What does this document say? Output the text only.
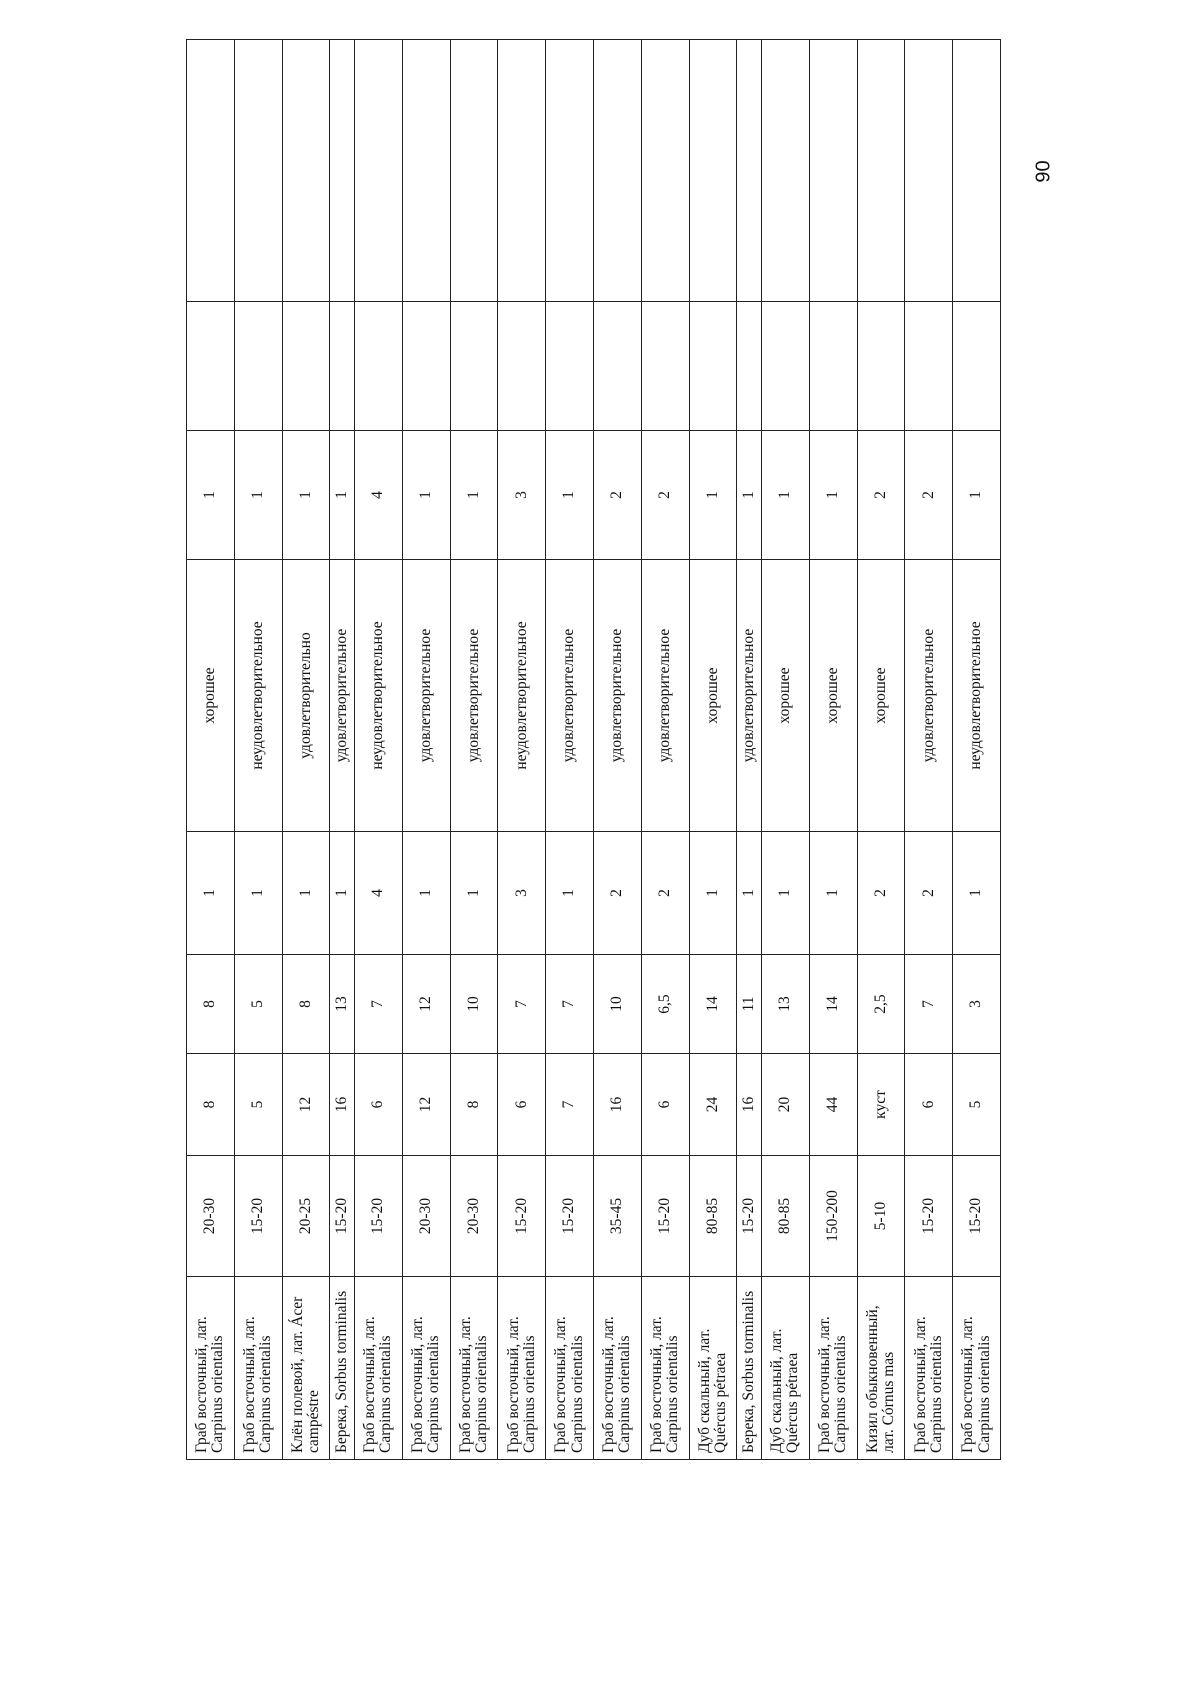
90
Граб восточный, лат. Carpinus orientalis	20-30	8	8	1	хорошее	1		
Граб восточный, лат. Carpinus orientalis	15-20	5	5	1	неудовлетворительное	1		
Клён полевой, лат. Ácer campéstre	20-25	12	8	1	удовлетворительно	1		
Берека, Sorbus torminalis	15-20	16	13	1	удовлетворительное	1		
Граб восточный, лат. Carpinus orientalis	15-20	6	7	4	неудовлетворительное	4		
Граб восточный, лат. Carpinus orientalis	20-30	12	12	1	удовлетворительное	1		
Граб восточный, лат. Carpinus orientalis	20-30	8	10	1	удовлетворительное	1		
Граб восточный, лат. Carpinus orientalis	15-20	6	7	3	неудовлетворительное	3		
Граб восточный, лат. Carpinus orientalis	15-20	7	7	1	удовлетворительное	1		
Граб восточный, лат. Carpinus orientalis	35-45	16	10	2	удовлетворительное	2		
Граб восточный, лат. Carpinus orientalis	15-20	6	6,5	2	удовлетворительное	2		
Дуб скальный, лат. Quércus pétraea	80-85	24	14	1	хорошее	1		
Берека, Sorbus torminalis	15-20	16	11	1	удовлетворительное	1		
Дуб скальный, лат. Quércus pétraea	80-85	20	13	1	хорошее	1		
Граб восточный, лат. Carpinus orientalis	150-200	44	14	1	хорошее	1		
Кизил обыкновенный, лат. Córnus mas	5-10	куст	2,5	2	хорошее	2		
Граб восточный, лат. Carpinus orientalis	15-20	6	7	2	удовлетворительное	2		
Граб восточный, лат. Carpinus orientalis	15-20	5	3	1	неудовлетворительное	1		
